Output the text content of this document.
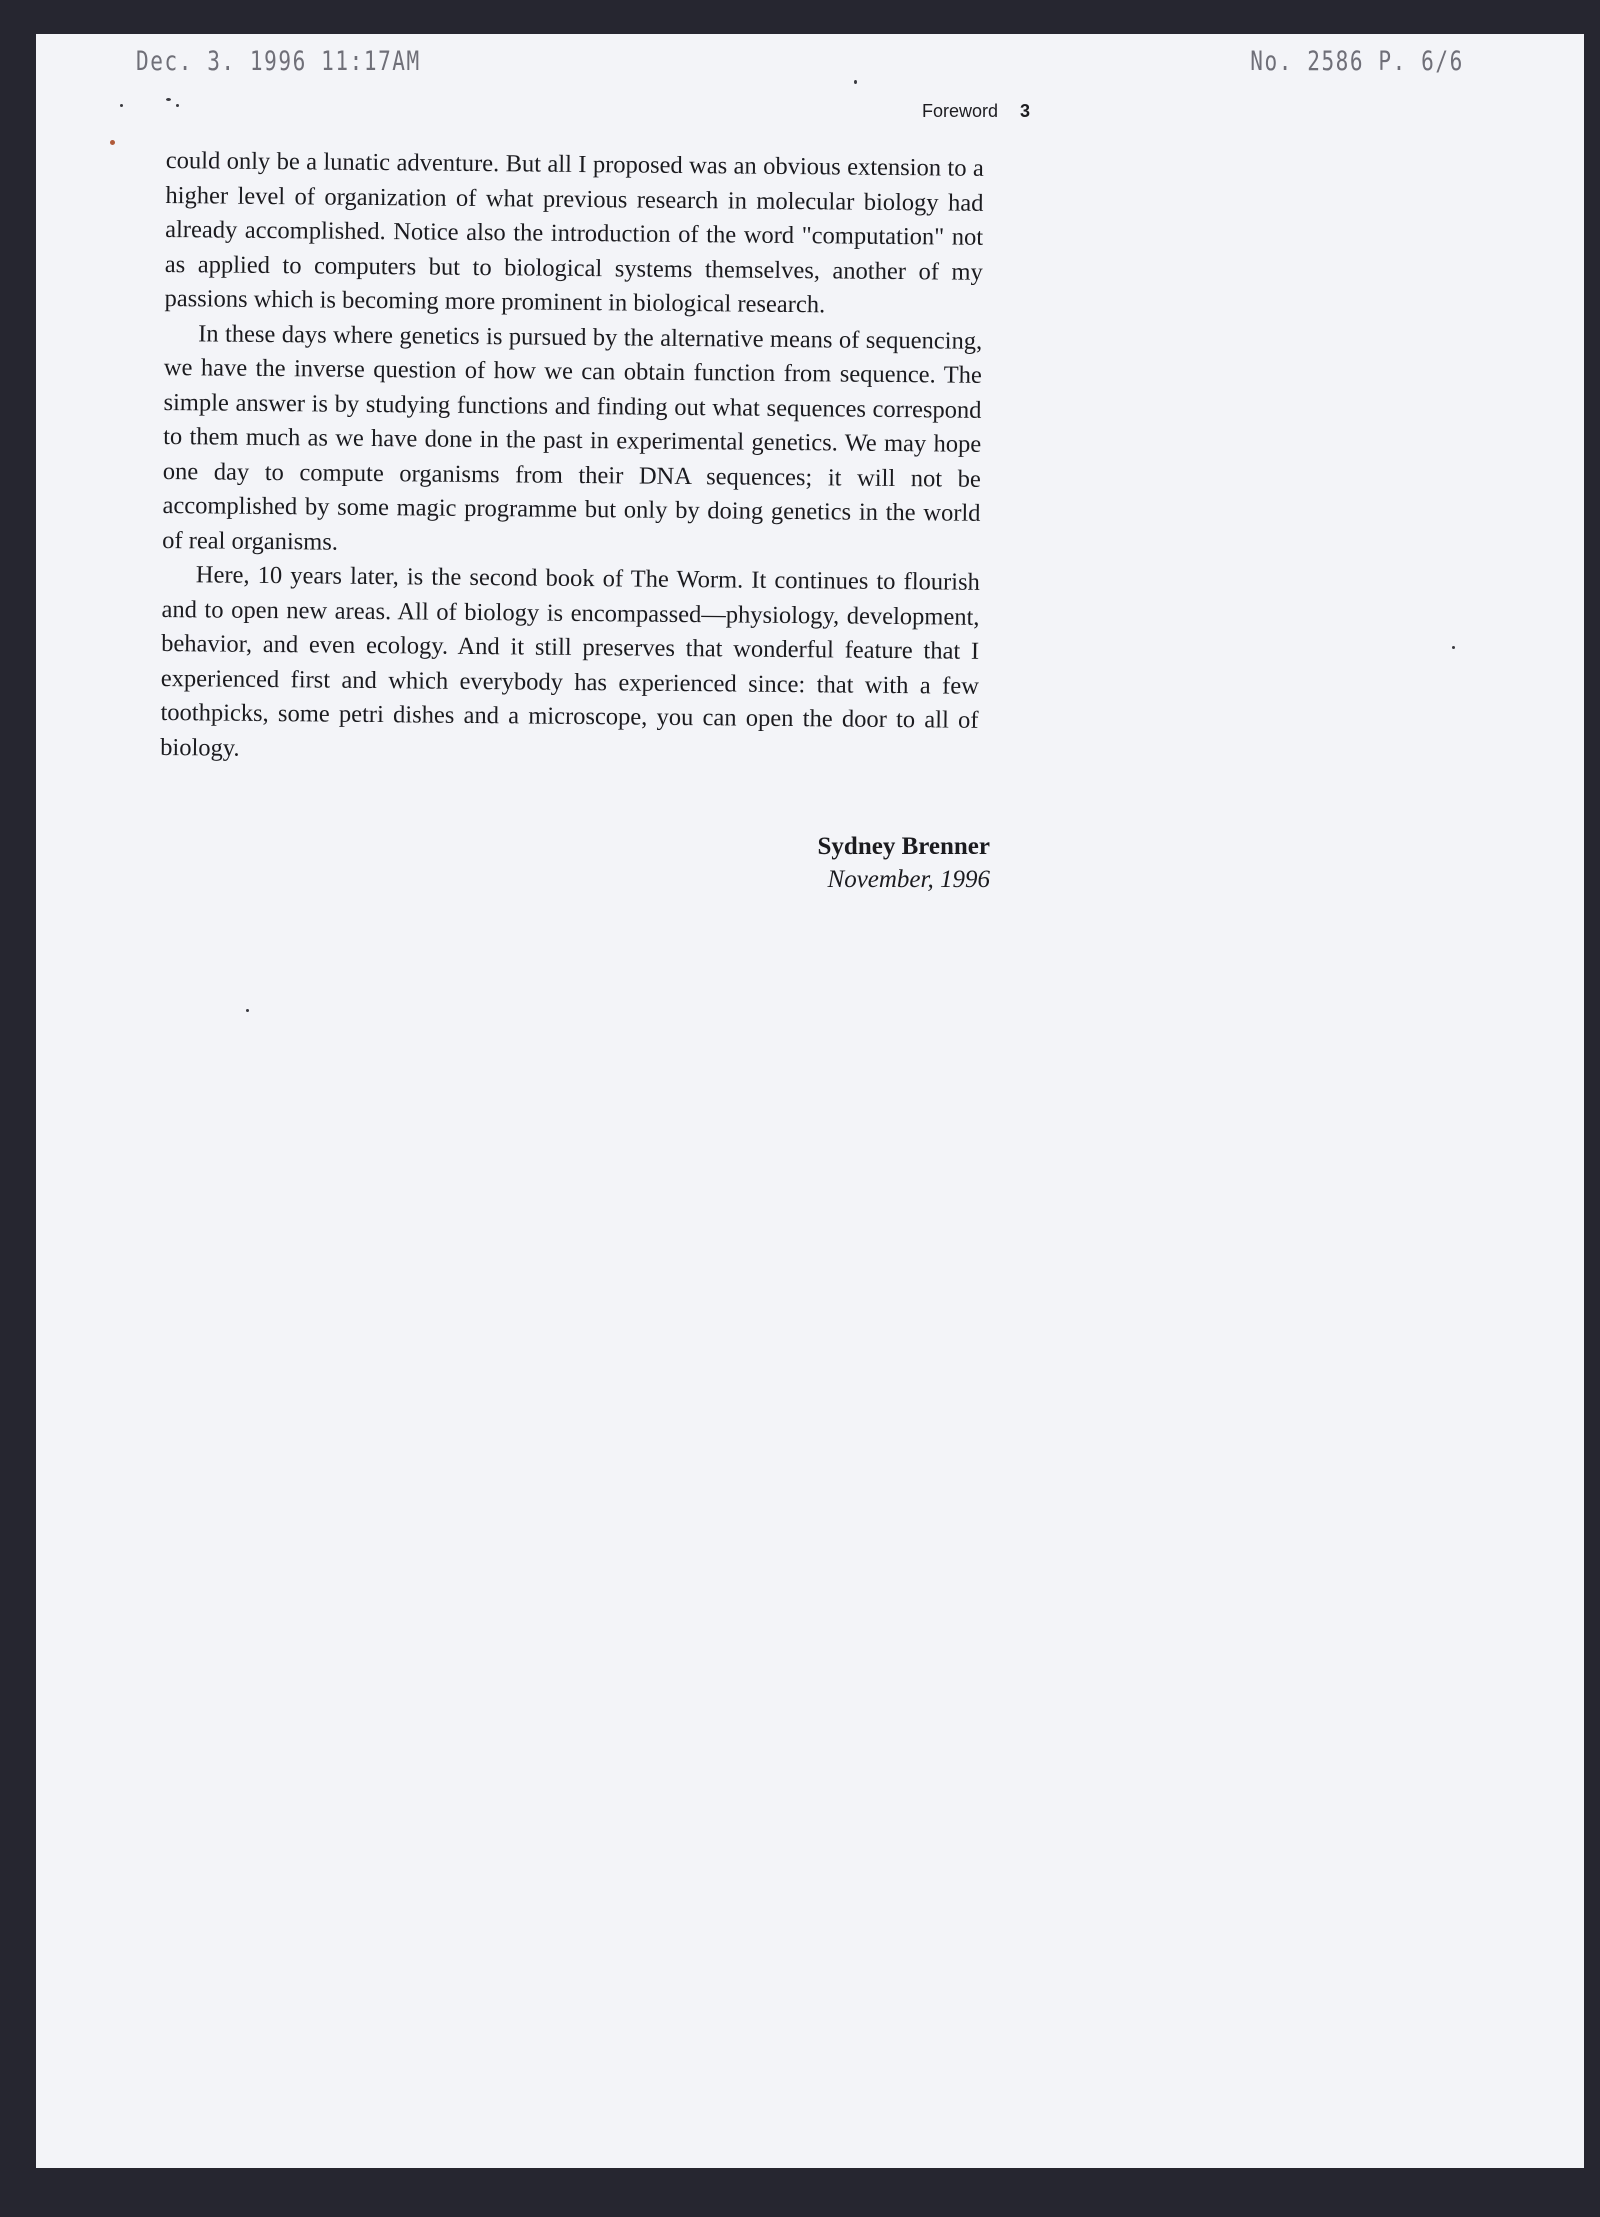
Dec. 3. 1996 11:17AM	No. 2586 P. 6/6
Foreword 3

could only be a lunatic adventure. But all I proposed was an obvious extension to a higher level of organization of what previous research in molecular biology had already accomplished. Notice also the introduction of the word "computation" not as applied to computers but to biological systems themselves, another of my passions which is becoming more prominent in biological research.

In these days where genetics is pursued by the alternative means of sequencing, we have the inverse question of how we can obtain function from sequence. The simple answer is by studying functions and finding out what sequences correspond to them much as we have done in the past in experimental genetics. We may hope one day to compute organisms from their DNA sequences; it will not be accomplished by some magic programme but only by doing genetics in the world of real organisms.

Here, 10 years later, is the second book of The Worm. It continues to flourish and to open new areas. All of biology is encompassed—physiology, development, behavior, and even ecology. And it still preserves that wonderful feature that I experienced first and which everybody has experienced since: that with a few toothpicks, some petri dishes and a microscope, you can open the door to all of biology.

Sydney Brenner
November, 1996
